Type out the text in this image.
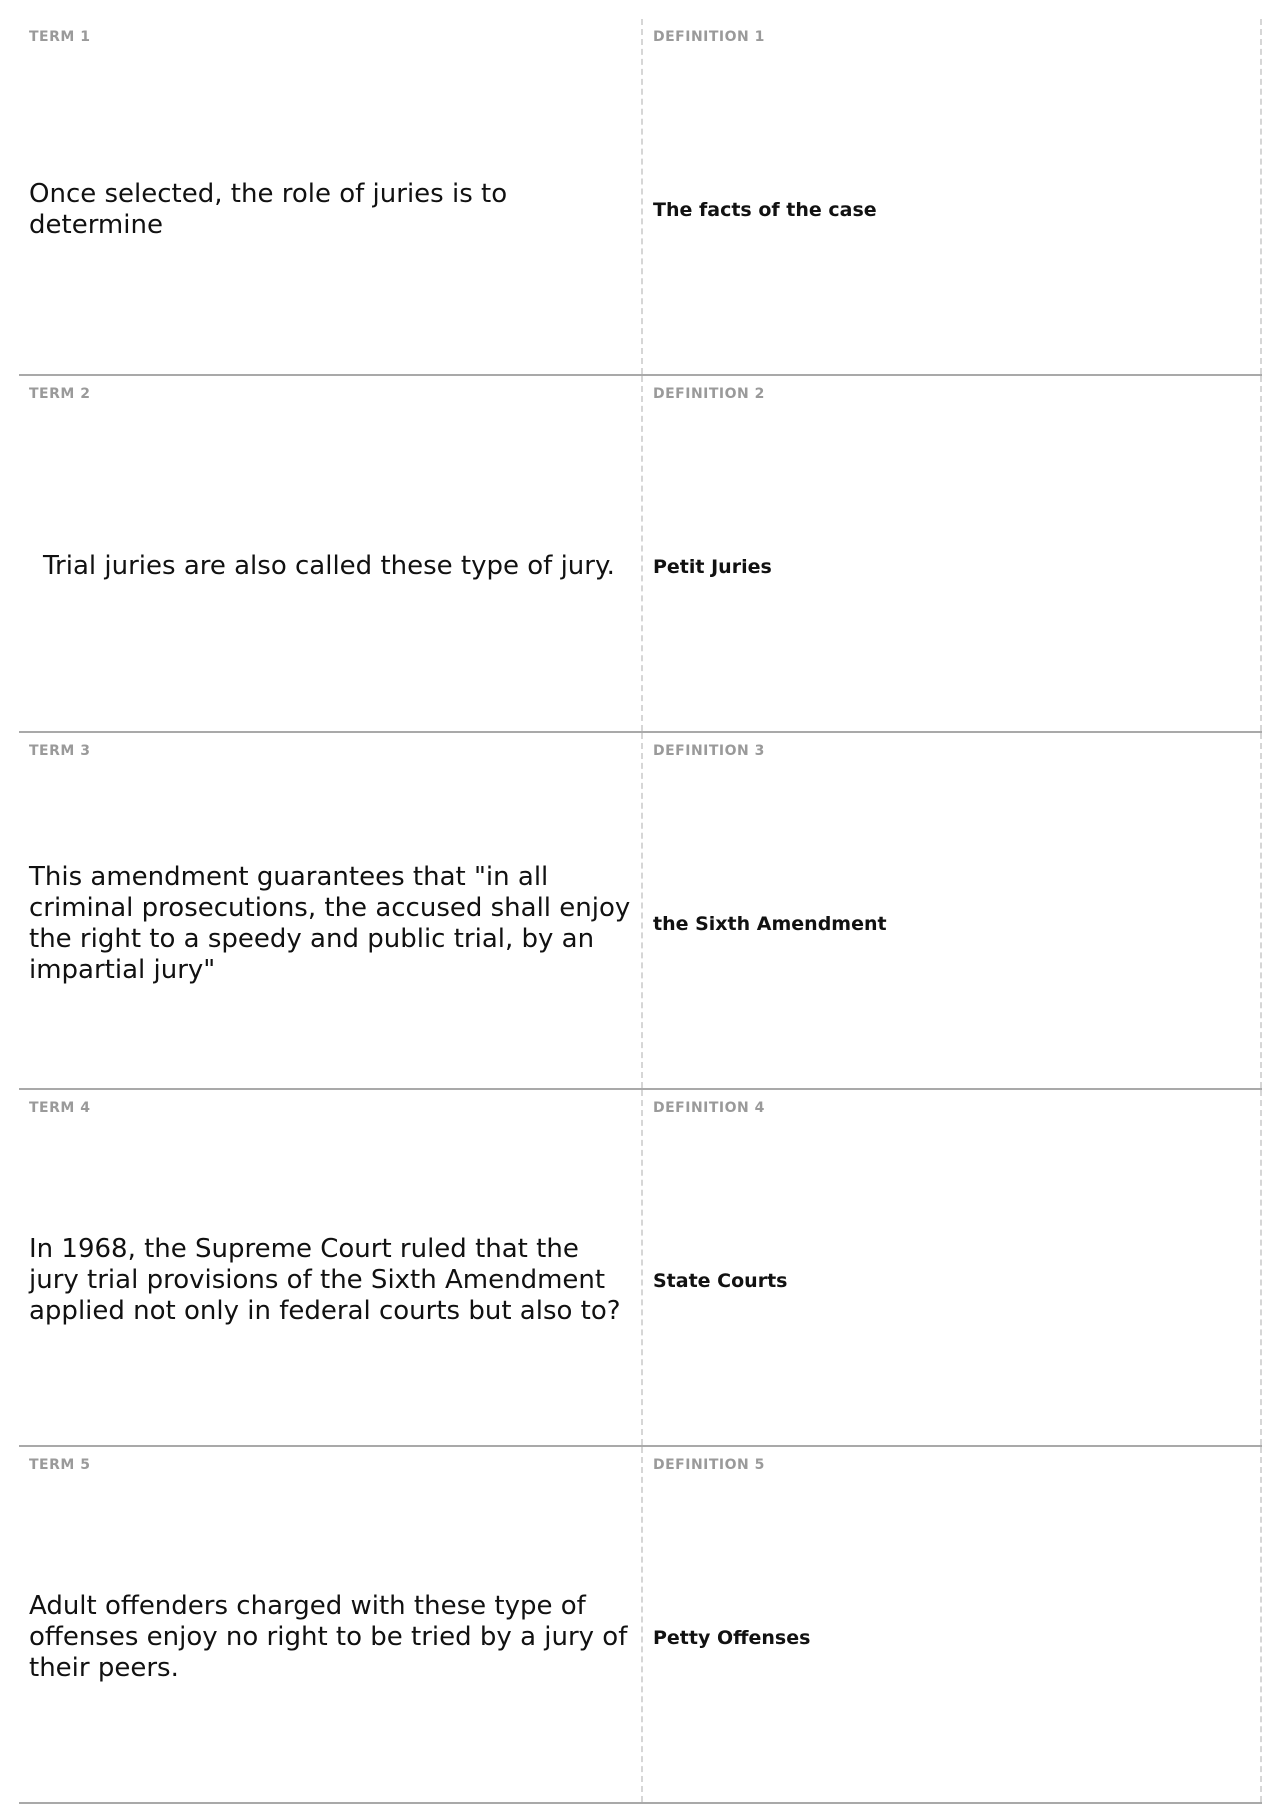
TERM 1
Once selected, the role of juries is to determine
DEFINITION 1
The facts of the case
TERM 2
Trial juries are also called these type of jury.
DEFINITION 2
Petit Juries
TERM 3
This amendment guarantees that "in all criminal prosecutions, the accused shall enjoy the right to a speedy and public trial, by an impartial jury"
DEFINITION 3
the Sixth Amendment
TERM 4
In 1968, the Supreme Court ruled that the jury trial provisions of the Sixth Amendment applied not only in federal courts but also to?
DEFINITION 4
State Courts
TERM 5
Adult offenders charged with these type of offenses enjoy no right to be tried by a jury of their peers.
DEFINITION 5
Petty Offenses
